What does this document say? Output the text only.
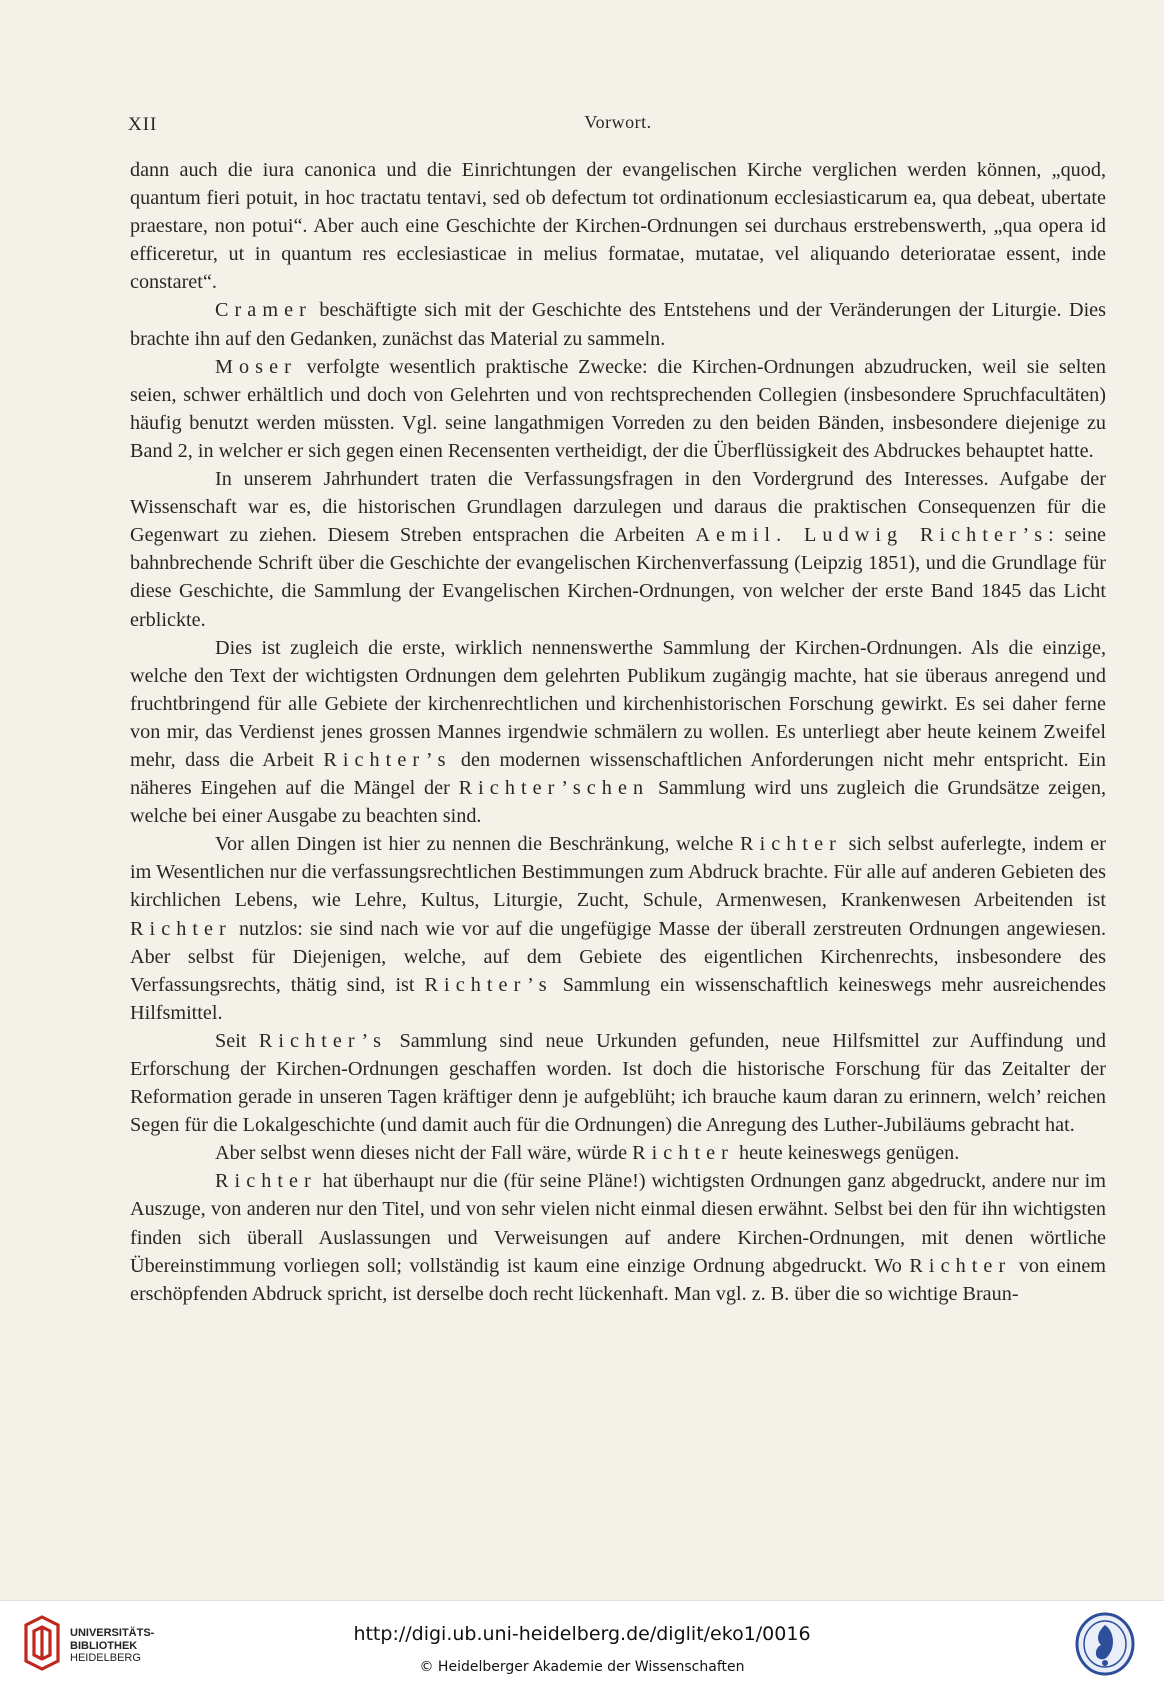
XII	Vorwort.

dann auch die iura canonica und die Einrichtungen der evangelischen Kirche verglichen werden können, „quod, quantum fieri potuit, in hoc tractatu tentavi, sed ob defectum tot ordinationum ecclesiasticarum ea, qua debeat, ubertate praestare, non potui“. Aber auch eine Geschichte der Kirchen-Ordnungen sei durchaus erstrebenswerth, „qua opera id efficeretur, ut in quantum res ecclesiasticae in melius formatae, mutatae, vel aliquando deterioratae essent, inde constaret“.

Cramer beschäftigte sich mit der Geschichte des Entstehens und der Veränderungen der Liturgie. Dies brachte ihn auf den Gedanken, zunächst das Material zu sammeln.

Moser verfolgte wesentlich praktische Zwecke: die Kirchen-Ordnungen abzudrucken, weil sie selten seien, schwer erhältlich und doch von Gelehrten und von rechtsprechenden Collegien (insbesondere Spruchfacultäten) häufig benutzt werden müssten. Vgl. seine langathmigen Vorreden zu den beiden Bänden, insbesondere diejenige zu Band 2, in welcher er sich gegen einen Recensenten vertheidigt, der die Überflüssigkeit des Abdruckes behauptet hatte.

In unserem Jahrhundert traten die Verfassungsfragen in den Vordergrund des Interesses. Aufgabe der Wissenschaft war es, die historischen Grundlagen darzulegen und daraus die praktischen Consequenzen für die Gegenwart zu ziehen. Diesem Streben entsprachen die Arbeiten Aemil. Ludwig Richter’s: seine bahnbrechende Schrift über die Geschichte der evangelischen Kirchenverfassung (Leipzig 1851), und die Grundlage für diese Geschichte, die Sammlung der Evangelischen Kirchen-Ordnungen, von welcher der erste Band 1845 das Licht erblickte.

Dies ist zugleich die erste, wirklich nennenswerthe Sammlung der Kirchen-Ordnungen. Als die einzige, welche den Text der wichtigsten Ordnungen dem gelehrten Publikum zugängig machte, hat sie überaus anregend und fruchtbringend für alle Gebiete der kirchenrechtlichen und kirchenhistorischen Forschung gewirkt. Es sei daher ferne von mir, das Verdienst jenes grossen Mannes irgendwie schmälern zu wollen. Es unterliegt aber heute keinem Zweifel mehr, dass die Arbeit Richter’s den modernen wissenschaftlichen Anforderungen nicht mehr entspricht. Ein näheres Eingehen auf die Mängel der Richter’schen Sammlung wird uns zugleich die Grundsätze zeigen, welche bei einer Ausgabe zu beachten sind.

Vor allen Dingen ist hier zu nennen die Beschränkung, welche Richter sich selbst auferlegte, indem er im Wesentlichen nur die verfassungsrechtlichen Bestimmungen zum Abdruck brachte. Für alle auf anderen Gebieten des kirchlichen Lebens, wie Lehre, Kultus, Liturgie, Zucht, Schule, Armenwesen, Krankenwesen Arbeitenden ist Richter nutzlos: sie sind nach wie vor auf die ungefügige Masse der überall zerstreuten Ordnungen angewiesen. Aber selbst für Diejenigen, welche, auf dem Gebiete des eigentlichen Kirchenrechts, insbesondere des Verfassungsrechts, thätig sind, ist Richter’s Sammlung ein wissenschaftlich keineswegs mehr ausreichendes Hilfsmittel.

Seit Richter’s Sammlung sind neue Urkunden gefunden, neue Hilfsmittel zur Auffindung und Erforschung der Kirchen-Ordnungen geschaffen worden. Ist doch die historische Forschung für das Zeitalter der Reformation gerade in unseren Tagen kräftiger denn je aufgeblüht; ich brauche kaum daran zu erinnern, welch’ reichen Segen für die Lokalgeschichte (und damit auch für die Ordnungen) die Anregung des Luther-Jubiläums gebracht hat.

Aber selbst wenn dieses nicht der Fall wäre, würde Richter heute keineswegs genügen.

Richter hat überhaupt nur die (für seine Pläne!) wichtigsten Ordnungen ganz abgedruckt, andere nur im Auszuge, von anderen nur den Titel, und von sehr vielen nicht einmal diesen erwähnt. Selbst bei den für ihn wichtigsten finden sich überall Auslassungen und Verweisungen auf andere Kirchen-Ordnungen, mit denen wörtliche Übereinstimmung vorliegen soll; vollständig ist kaum eine einzige Ordnung abgedruckt. Wo Richter von einem erschöpfenden Abdruck spricht, ist derselbe doch recht lückenhaft. Man vgl. z. B. über die so wichtige Braun-

UNIVERSITÄTS-
BIBLIOTHEK
HEIDELBERG
http://digi.ub.uni-heidelberg.de/diglit/eko1/0016
© Heidelberger Akademie der Wissenschaften
